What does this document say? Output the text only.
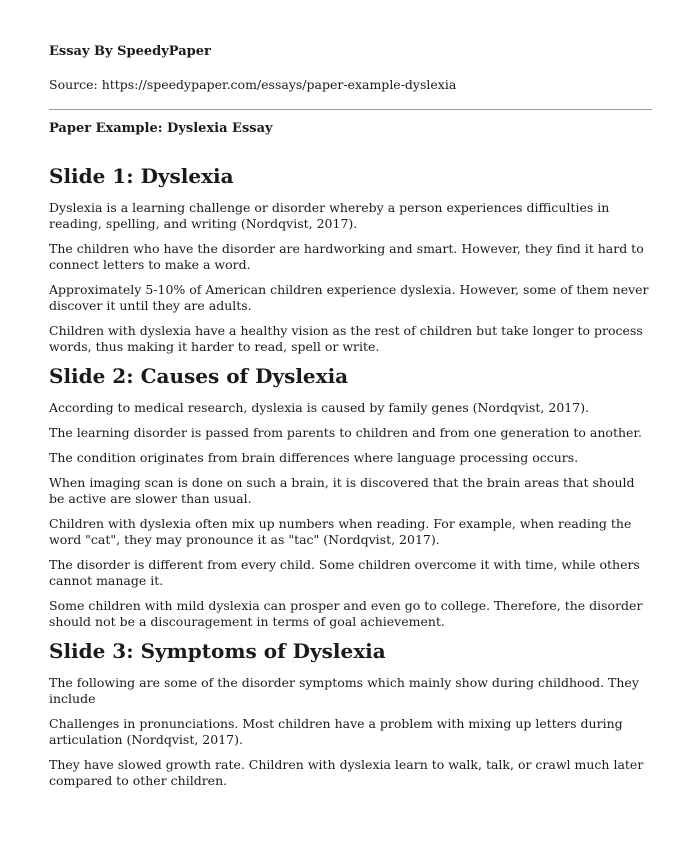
Essay By SpeedyPaper
Source: https://speedypaper.com/essays/paper-example-dyslexia
Paper Example: Dyslexia Essay
Slide 1: Dyslexia

Dyslexia is a learning challenge or disorder whereby a person experiences difficulties in reading, spelling, and writing (Nordqvist, 2017).

The children who have the disorder are hardworking and smart. However, they find it hard to connect letters to make a word.

Approximately 5-10% of American children experience dyslexia. However, some of them never discover it until they are adults.

Children with dyslexia have a healthy vision as the rest of children but take longer to process words, thus making it harder to read, spell or write.

Slide 2: Causes of Dyslexia

According to medical research, dyslexia is caused by family genes (Nordqvist, 2017).

The learning disorder is passed from parents to children and from one generation to another.

The condition originates from brain differences where language processing occurs.

When imaging scan is done on such a brain, it is discovered that the brain areas that should be active are slower than usual.

Children with dyslexia often mix up numbers when reading. For example, when reading the word "cat", they may pronounce it as "tac" (Nordqvist, 2017).

The disorder is different from every child. Some children overcome it with time, while others cannot manage it.

Some children with mild dyslexia can prosper and even go to college. Therefore, the disorder should not be a discouragement in terms of goal achievement.

Slide 3: Symptoms of Dyslexia

The following are some of the disorder symptoms which mainly show during childhood. They include

Challenges in pronunciations. Most children have a problem with mixing up letters during articulation (Nordqvist, 2017).

They have slowed growth rate. Children with dyslexia learn to walk, talk, or crawl much later compared to other children.
